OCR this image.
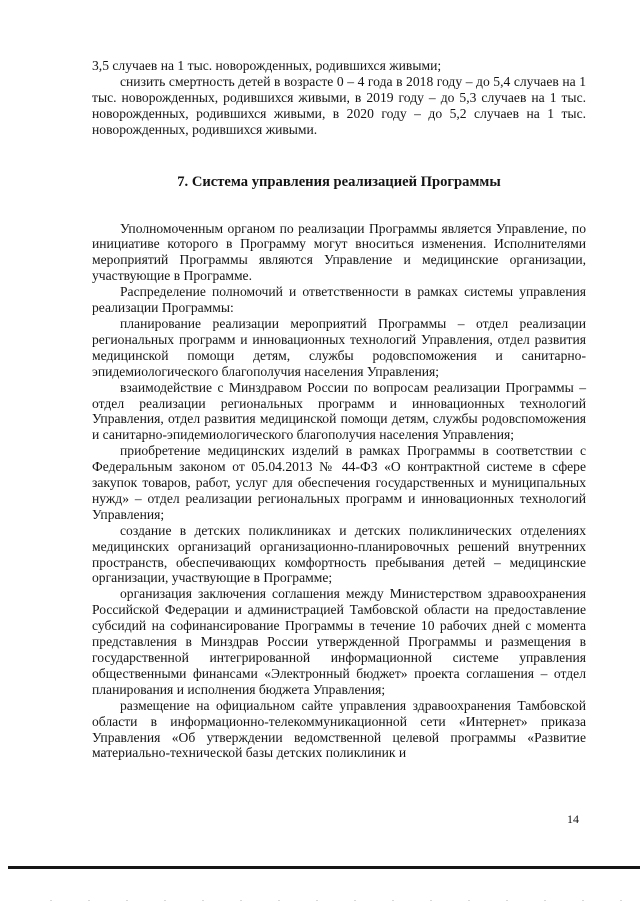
3,5 случаев на 1 тыс. новорожденных, родившихся живыми;

снизить смертность детей в возрасте 0 – 4 года в 2018 году – до 5,4 случаев на 1 тыс. новорожденных, родившихся живыми, в 2019 году – до 5,3 случаев на 1 тыс. новорожденных, родившихся живыми, в 2020 году – до 5,2 случаев на 1 тыс. новорожденных, родившихся живыми.

7. Система управления реализацией Программы

Уполномоченным органом по реализации Программы является Управление, по инициативе которого в Программу могут вноситься изменения. Исполнителями мероприятий Программы являются Управление и медицинские организации, участвующие в Программе.

Распределение полномочий и ответственности в рамках системы управления реализации Программы:

планирование реализации мероприятий Программы – отдел реализации региональных программ и инновационных технологий Управления, отдел развития медицинской помощи детям, службы родовспоможения и санитарно-эпидемиологического благополучия населения Управления;

взаимодействие с Минздравом России по вопросам реализации Программы – отдел реализации региональных программ и инновационных технологий Управления, отдел развития медицинской помощи детям, службы родовспоможения и санитарно-эпидемиологического благополучия населения Управления;

приобретение медицинских изделий в рамках Программы в соответствии с Федеральным законом от 05.04.2013 № 44-ФЗ «О контрактной системе в сфере закупок товаров, работ, услуг для обеспечения государственных и муниципальных нужд» – отдел реализации региональных программ и инновационных технологий Управления;

создание в детских поликлиниках и детских поликлинических отделениях медицинских организаций организационно-планировочных решений внутренних пространств, обеспечивающих комфортность пребывания детей – медицинские организации, участвующие в Программе;

организация заключения соглашения между Министерством здравоохранения Российской Федерации и администрацией Тамбовской области на предоставление субсидий на софинансирование Программы в течение 10 рабочих дней с момента представления в Минздрав России утвержденной Программы и размещения в государственной интегрированной информационной системе управления общественными финансами «Электронный бюджет» проекта соглашения – отдел планирования и исполнения бюджета Управления;

размещение на официальном сайте управления здравоохранения Тамбовской области в информационно-телекоммуникационной сети «Интернет» приказа Управления «Об утверждении ведомственной целевой программы «Развитие материально-технической базы детских поликлиник и

14
